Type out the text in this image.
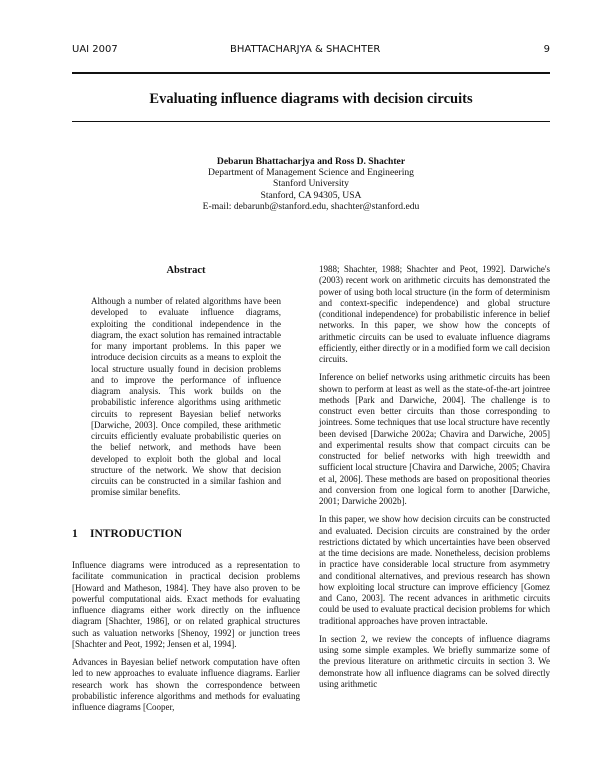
UAI 2007	BHATTACHARJYA & SHACHTER	9
Evaluating influence diagrams with decision circuits
Debarun Bhattacharjya and Ross D. Shachter
Department of Management Science and Engineering
Stanford University
Stanford, CA 94305, USA
E-mail: debarunb@stanford.edu, shachter@stanford.edu
Abstract

Although a number of related algorithms have been developed to evaluate influence diagrams, exploiting the conditional independence in the diagram, the exact solution has remained intractable for many important problems. In this paper we introduce decision circuits as a means to exploit the local structure usually found in decision problems and to improve the performance of influence diagram analysis. This work builds on the probabilistic inference algorithms using arithmetic circuits to represent Bayesian belief networks [Darwiche, 2003]. Once compiled, these arithmetic circuits efficiently evaluate probabilistic queries on the belief network, and methods have been developed to exploit both the global and local structure of the network. We show that decision circuits can be constructed in a similar fashion and promise similar benefits.

1 INTRODUCTION

Influence diagrams were introduced as a representation to facilitate communication in practical decision problems [Howard and Matheson, 1984]. They have also proven to be powerful computational aids. Exact methods for evaluating influence diagrams either work directly on the influence diagram [Shachter, 1986], or on related graphical structures such as valuation networks [Shenoy, 1992] or junction trees [Shachter and Peot, 1992; Jensen et al, 1994].

Advances in Bayesian belief network computation have often led to new approaches to evaluate influence diagrams. Earlier research work has shown the correspondence between probabilistic inference algorithms and methods for evaluating influence diagrams [Cooper,

1988; Shachter, 1988; Shachter and Peot, 1992]. Darwiche's (2003) recent work on arithmetic circuits has demonstrated the power of using both local structure (in the form of determinism and context-specific independence) and global structure (conditional independence) for probabilistic inference in belief networks. In this paper, we show how the concepts of arithmetic circuits can be used to evaluate influence diagrams efficiently, either directly or in a modified form we call decision circuits.

Inference on belief networks using arithmetic circuits has been shown to perform at least as well as the state-of-the-art jointree methods [Park and Darwiche, 2004]. The challenge is to construct even better circuits than those corresponding to jointrees. Some techniques that use local structure have recently been devised [Darwiche 2002a; Chavira and Darwiche, 2005] and experimental results show that compact circuits can be constructed for belief networks with high treewidth and sufficient local structure [Chavira and Darwiche, 2005; Chavira et al, 2006]. These methods are based on propositional theories and conversion from one logical form to another [Darwiche, 2001; Darwiche 2002b].

In this paper, we show how decision circuits can be constructed and evaluated. Decision circuits are constrained by the order restrictions dictated by which uncertainties have been observed at the time decisions are made. Nonetheless, decision problems in practice have considerable local structure from asymmetry and conditional alternatives, and previous research has shown how exploiting local structure can improve efficiency [Gomez and Cano, 2003]. The recent advances in arithmetic circuits could be used to evaluate practical decision problems for which traditional approaches have proven intractable.

In section 2, we review the concepts of influence diagrams using some simple examples. We briefly summarize some of the previous literature on arithmetic circuits in section 3. We demonstrate how all influence diagrams can be solved directly using arithmetic
